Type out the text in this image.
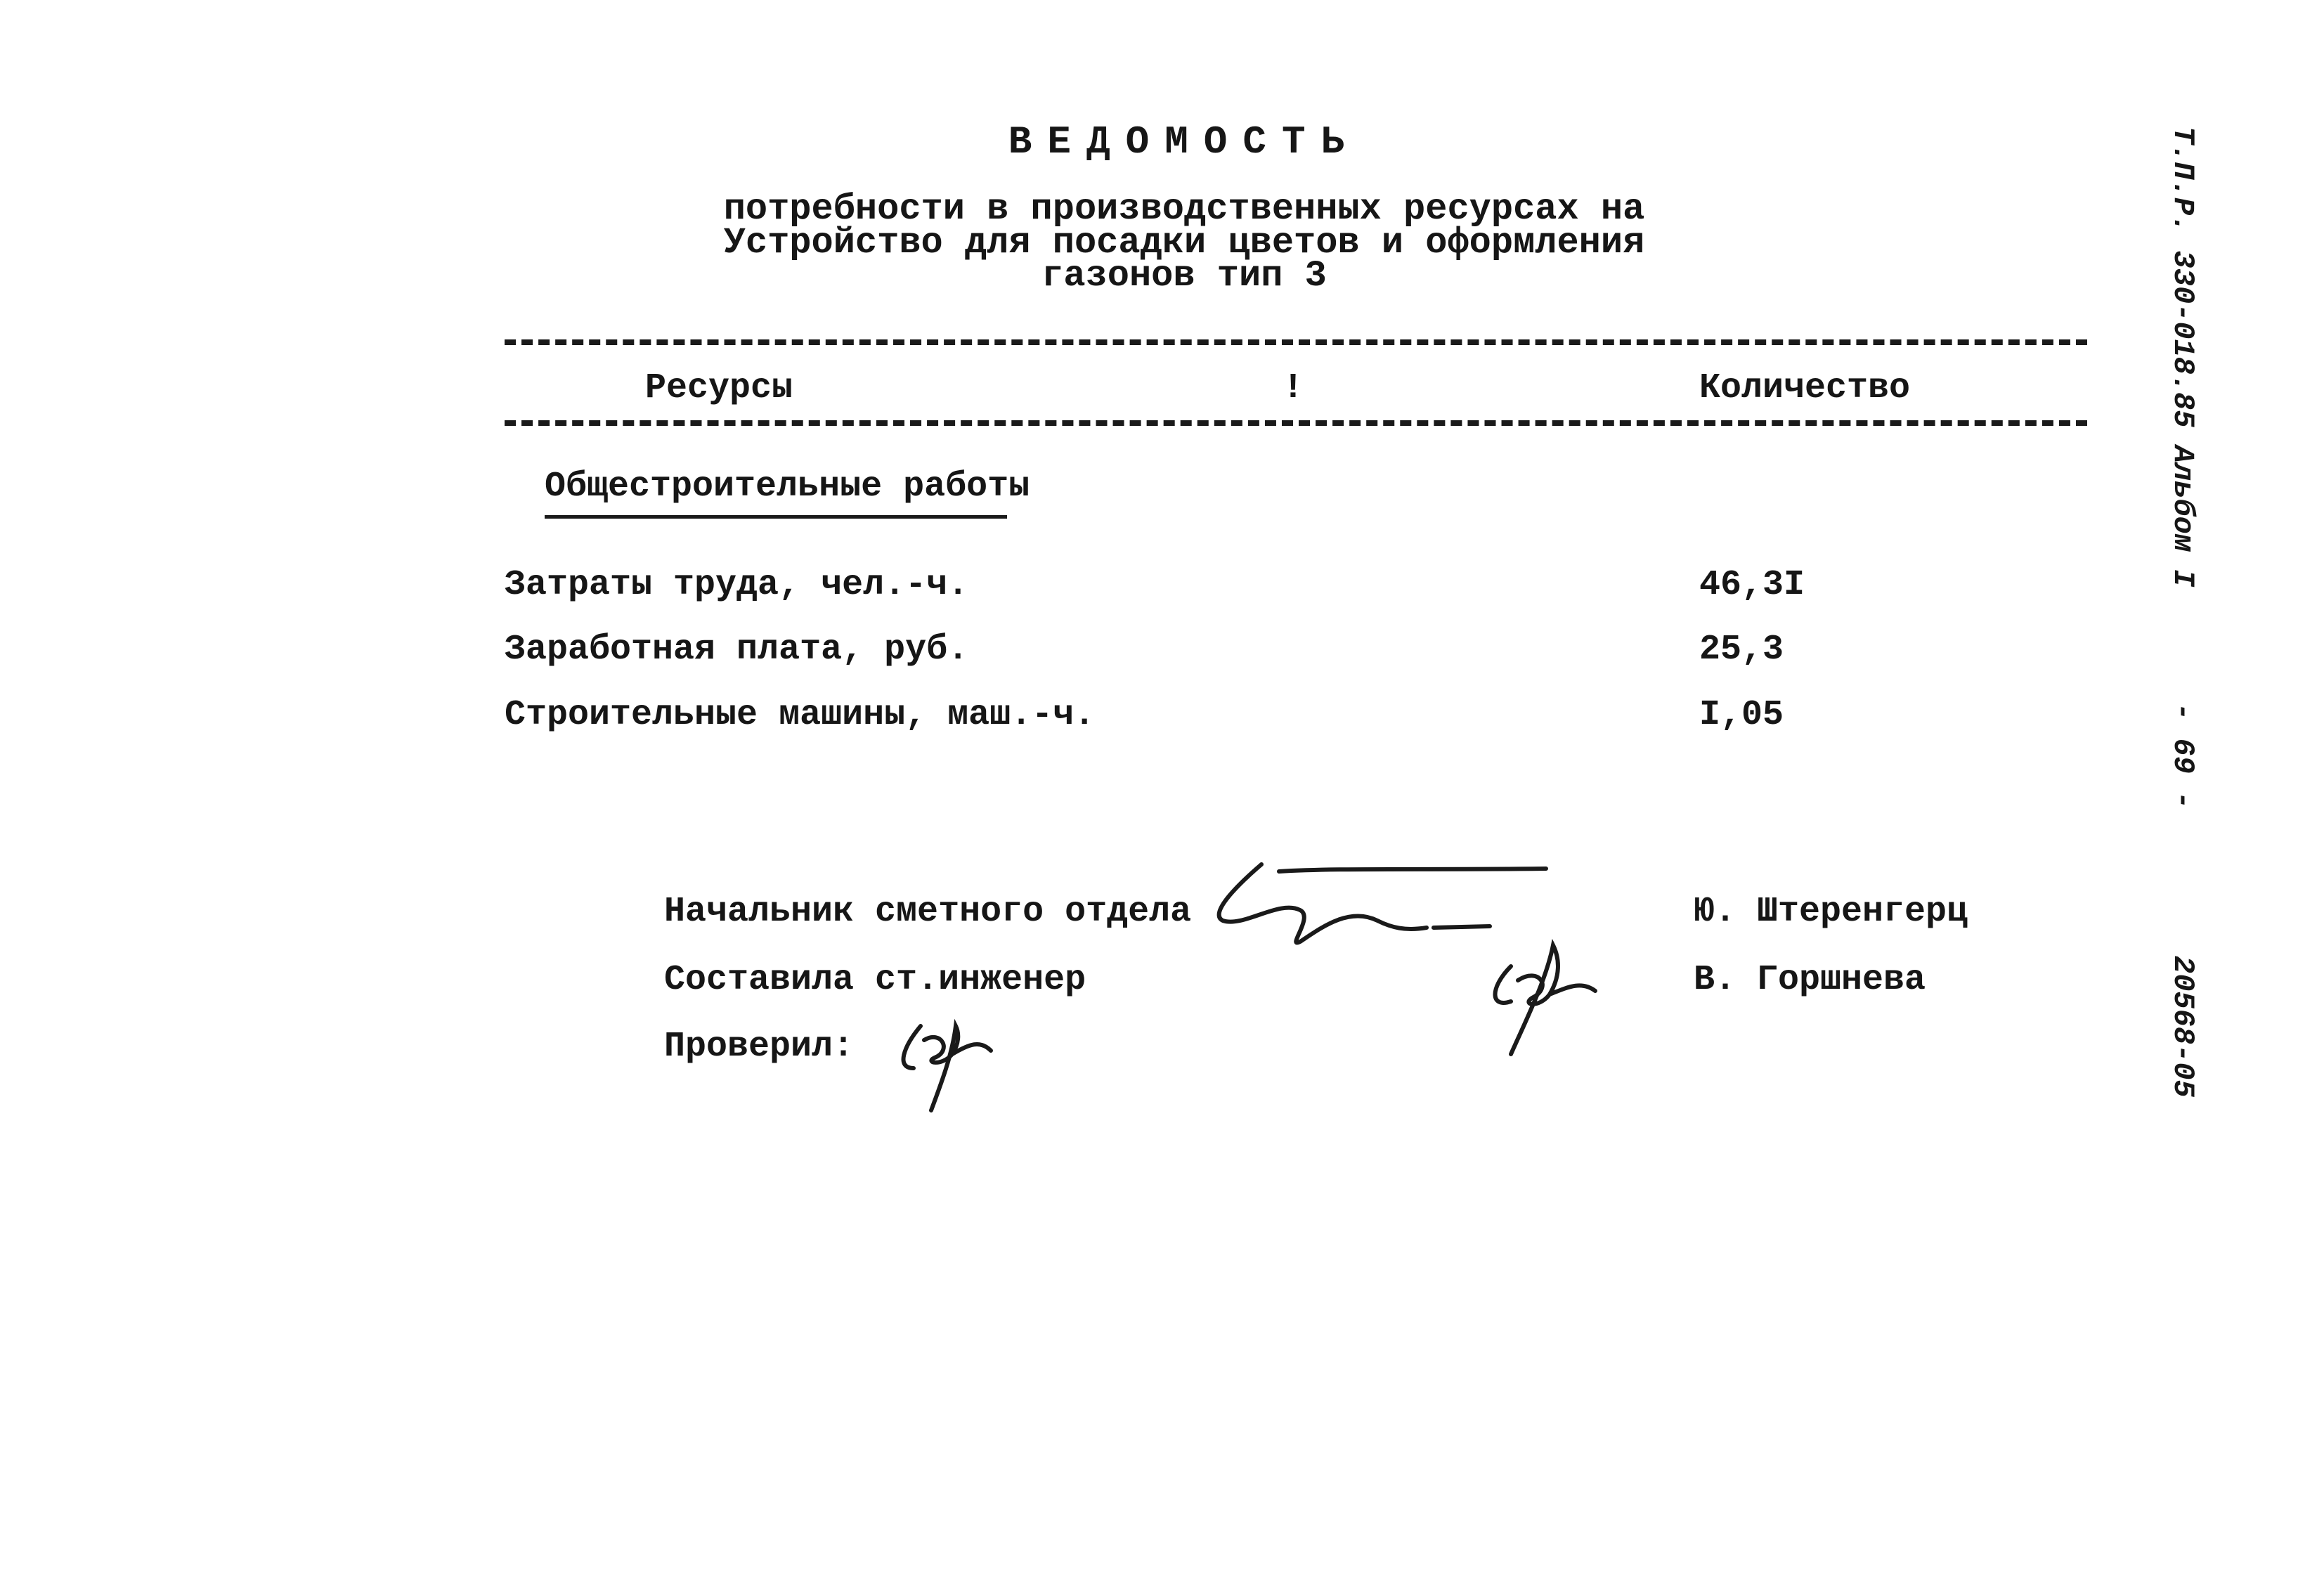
ВЕДОМОСТЬ
потребности в производственных ресурсах на
Устройство для посадки цветов и оформления
газонов тип 3
Ресурсы	!	Количество
Общестроительные работы
Затраты труда, чел.-ч.	46,3I
Заработная плата, руб.	25,3
Строительные машины, маш.-ч.	I,05
Начальник сметного отдела	Ю. Штеренгерц
Составила ст.инженер	В. Горшнева
Проверил:
Т.П.Р. 330-018.85 Альбом I
- 69 -
20568-05
